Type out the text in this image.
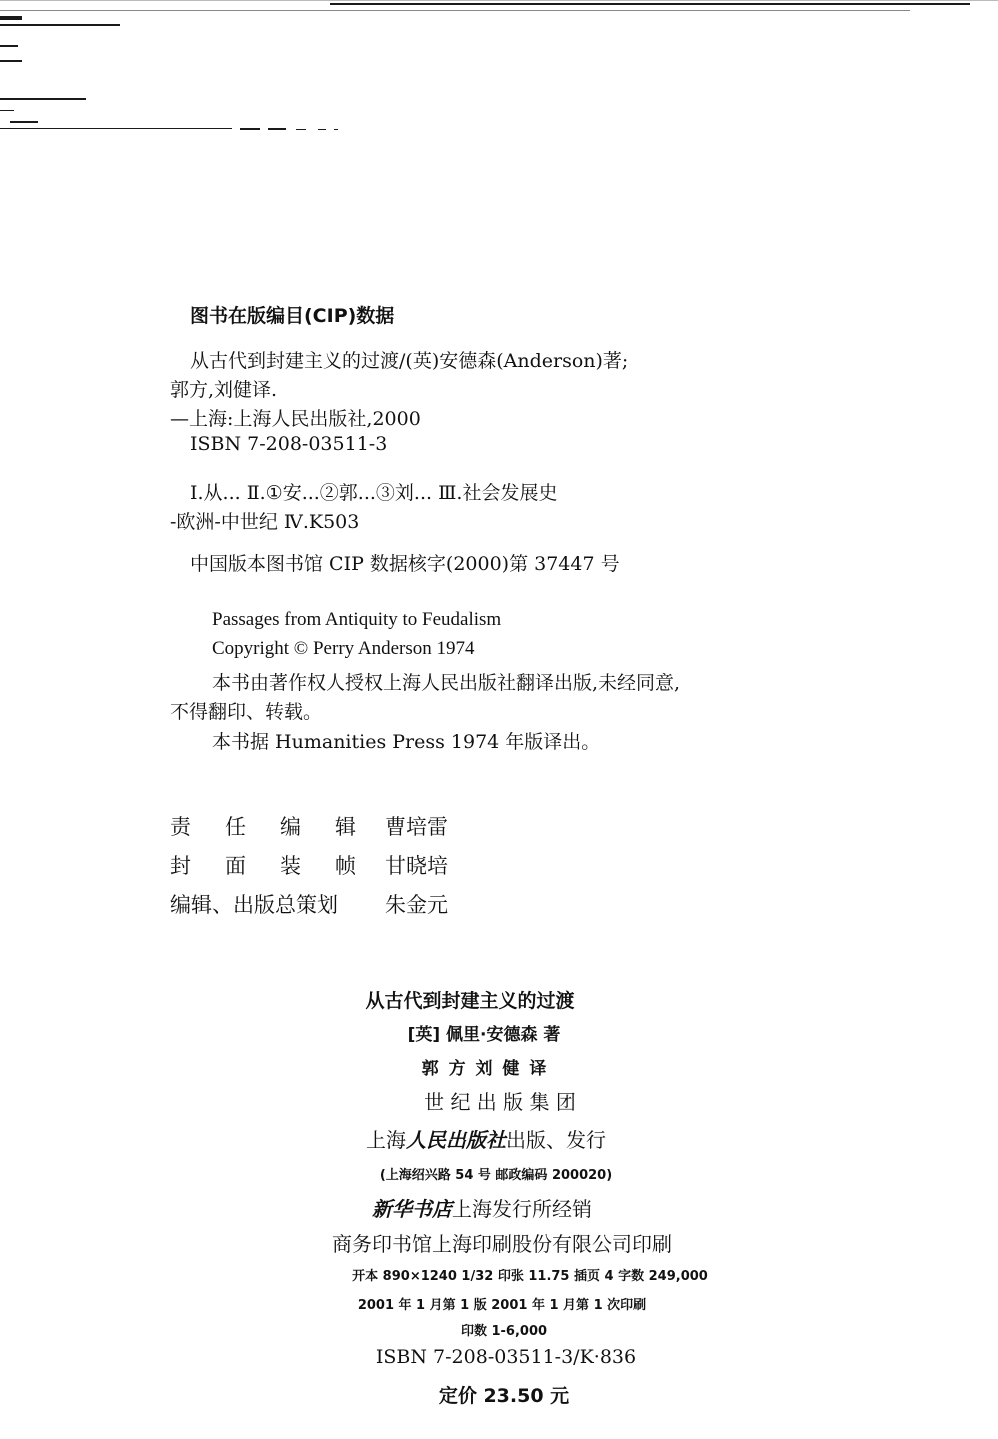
图书在版编目(CIP)数据
从古代到封建主义的过渡/(英)安德森(Anderson)著;
郭方,刘健译.
—上海:上海人民出版社,2000
ISBN 7-208-03511-3
Ⅰ.从... Ⅱ.①安...②郭...③刘... Ⅲ.社会发展史
-欧洲-中世纪 Ⅳ.K503
中国版本图书馆 CIP 数据核字(2000)第 37447 号
Passages from Antiquity to Feudalism
Copyright © Perry Anderson 1974
本书由著作权人授权上海人民出版社翻译出版,未经同意,
不得翻印、转载。
本书据 Humanities Press 1974 年版译出。
责任编辑曹培雷
封面装帧甘晓培
编辑、出版总策划 朱金元
从古代到封建主义的过渡
[英] 佩里·安德森 著
郭 方 刘 健 译
世 纪 出 版 集 团
上海人民出版社出版、发行
(上海绍兴路 54 号 邮政编码 200020)
新华书店上海发行所经销
商务印书馆上海印刷股份有限公司印刷
开本 890×1240 1/32 印张 11.75 插页 4 字数 249,000
2001 年 1 月第 1 版 2001 年 1 月第 1 次印刷
印数 1-6,000
ISBN 7-208-03511-3/K·836
定价 23.50 元
